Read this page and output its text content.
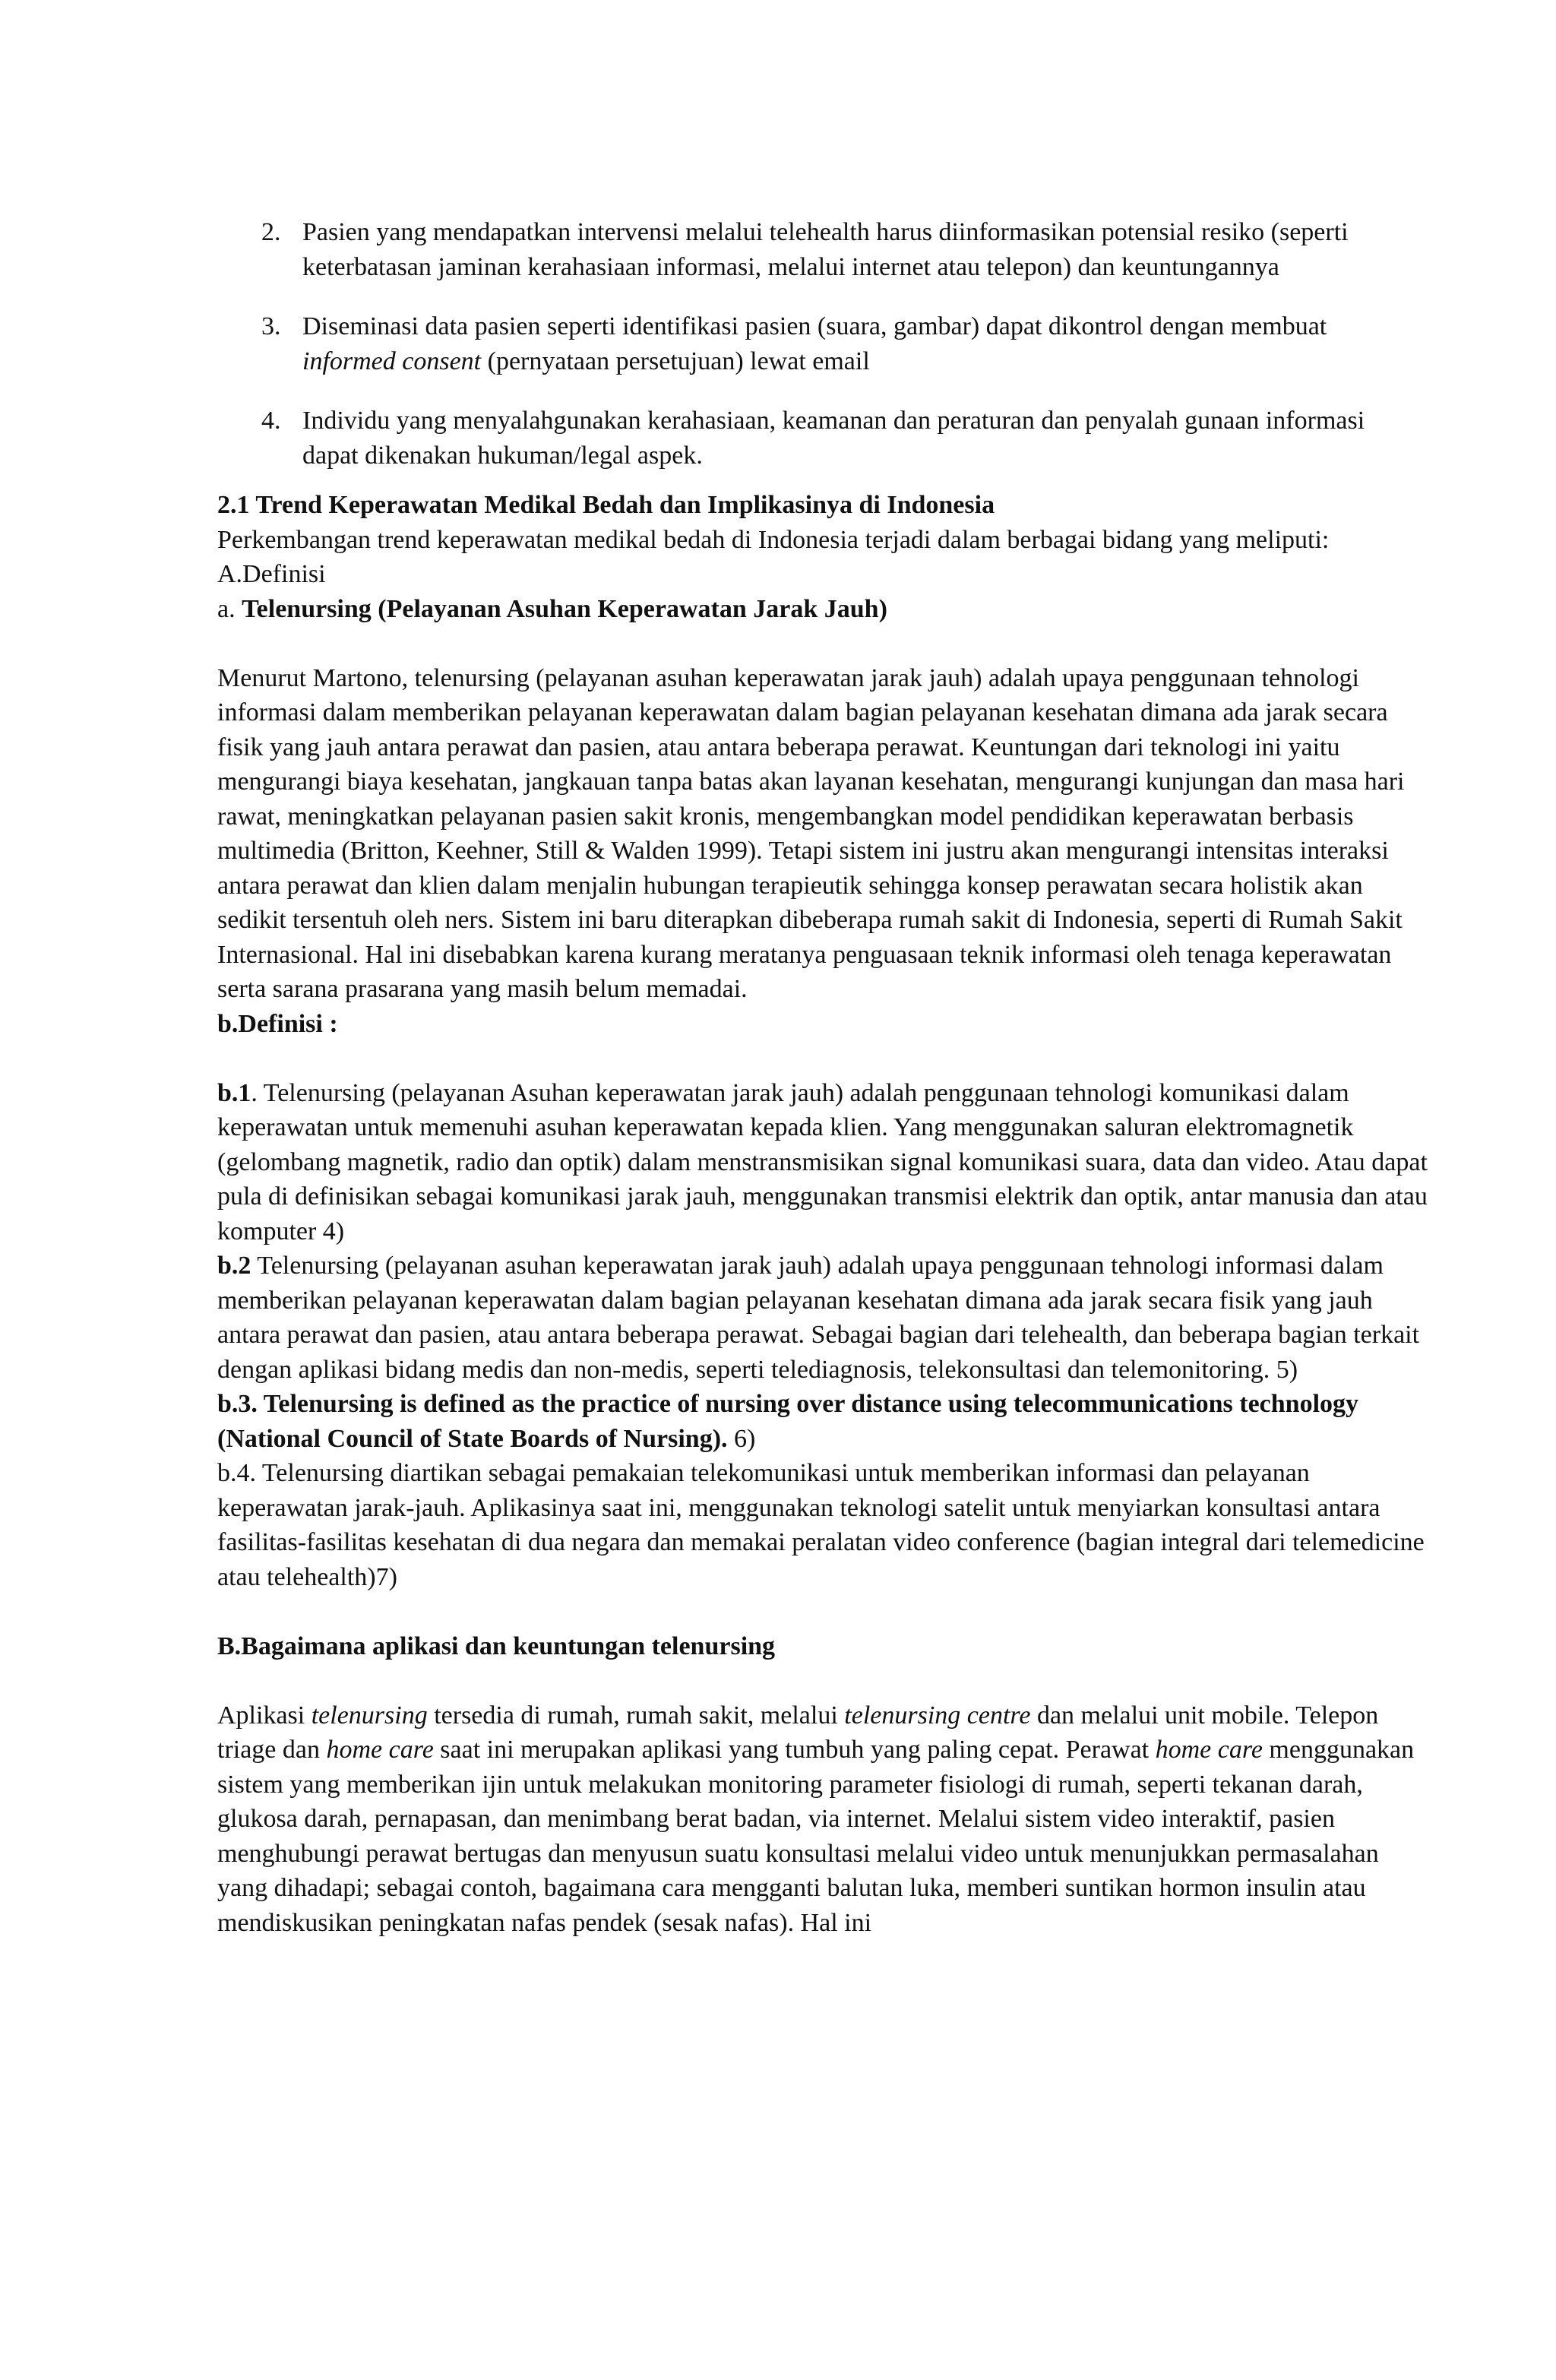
2. Pasien yang mendapatkan intervensi melalui telehealth harus diinformasikan potensial resiko (seperti keterbatasan jaminan kerahasiaan informasi, melalui internet atau telepon) dan keuntungannya
3. Diseminasi data pasien seperti identifikasi pasien (suara, gambar) dapat dikontrol dengan membuat informed consent (pernyataan persetujuan) lewat email
4. Individu yang menyalahgunakan kerahasiaan, keamanan dan peraturan dan penyalah gunaan informasi dapat dikenakan hukuman/legal aspek.

2.1 Trend Keperawatan Medikal Bedah dan Implikasinya di Indonesia

Perkembangan trend keperawatan medikal bedah di Indonesia terjadi dalam berbagai bidang yang meliputi:

A.Definisi

a. Telenursing (Pelayanan Asuhan Keperawatan Jarak Jauh)

Menurut Martono, telenursing (pelayanan asuhan keperawatan jarak jauh) adalah upaya penggunaan tehnologi informasi dalam memberikan pelayanan keperawatan dalam bagian pelayanan kesehatan dimana ada jarak secara fisik yang jauh antara perawat dan pasien, atau antara beberapa perawat. Keuntungan dari teknologi ini yaitu mengurangi biaya kesehatan, jangkauan tanpa batas akan layanan kesehatan, mengurangi kunjungan dan masa hari rawat, meningkatkan pelayanan pasien sakit kronis, mengembangkan model pendidikan keperawatan berbasis multimedia (Britton, Keehner, Still & Walden 1999). Tetapi sistem ini justru akan mengurangi intensitas interaksi antara perawat dan klien dalam menjalin hubungan terapieutik sehingga konsep perawatan secara holistik akan sedikit tersentuh oleh ners. Sistem ini baru diterapkan dibeberapa rumah sakit di Indonesia, seperti di Rumah Sakit Internasional. Hal ini disebabkan karena kurang meratanya penguasaan teknik informasi oleh tenaga keperawatan serta sarana prasarana yang masih belum memadai.

b.Definisi :

b.1. Telenursing (pelayanan Asuhan keperawatan jarak jauh) adalah penggunaan tehnologi komunikasi dalam keperawatan untuk memenuhi asuhan keperawatan kepada klien. Yang menggunakan saluran elektromagnetik (gelombang magnetik, radio dan optik) dalam menstransmisikan signal komunikasi suara, data dan video. Atau dapat pula di definisikan sebagai komunikasi jarak jauh, menggunakan transmisi elektrik dan optik, antar manusia dan atau komputer 4)

b.2 Telenursing (pelayanan asuhan keperawatan jarak jauh) adalah upaya penggunaan tehnologi informasi dalam memberikan pelayanan keperawatan dalam bagian pelayanan kesehatan dimana ada jarak secara fisik yang jauh antara perawat dan pasien, atau antara beberapa perawat. Sebagai bagian dari telehealth, dan beberapa bagian terkait dengan aplikasi bidang medis dan non-medis, seperti telediagnosis, telekonsultasi dan telemonitoring. 5)

b.3. Telenursing is defined as the practice of nursing over distance using telecommunications technology (National Council of State Boards of Nursing). 6)

b.4. Telenursing diartikan sebagai pemakaian telekomunikasi untuk memberikan informasi dan pelayanan keperawatan jarak-jauh. Aplikasinya saat ini, menggunakan teknologi satelit untuk menyiarkan konsultasi antara fasilitas-fasilitas kesehatan di dua negara dan memakai peralatan video conference (bagian integral dari telemedicine atau telehealth)7)

B.Bagaimana aplikasi dan keuntungan telenursing

Aplikasi telenursing tersedia di rumah, rumah sakit, melalui telenursing centre dan melalui unit mobile. Telepon triage dan home care saat ini merupakan aplikasi yang tumbuh yang paling cepat. Perawat home care menggunakan sistem yang memberikan ijin untuk melakukan monitoring parameter fisiologi di rumah, seperti tekanan darah, glukosa darah, pernapasan, dan menimbang berat badan, via internet. Melalui sistem video interaktif, pasien menghubungi perawat bertugas dan menyusun suatu konsultasi melalui video untuk menunjukkan permasalahan yang dihadapi; sebagai contoh, bagaimana cara mengganti balutan luka, memberi suntikan hormon insulin atau mendiskusikan peningkatan nafas pendek (sesak nafas). Hal ini
